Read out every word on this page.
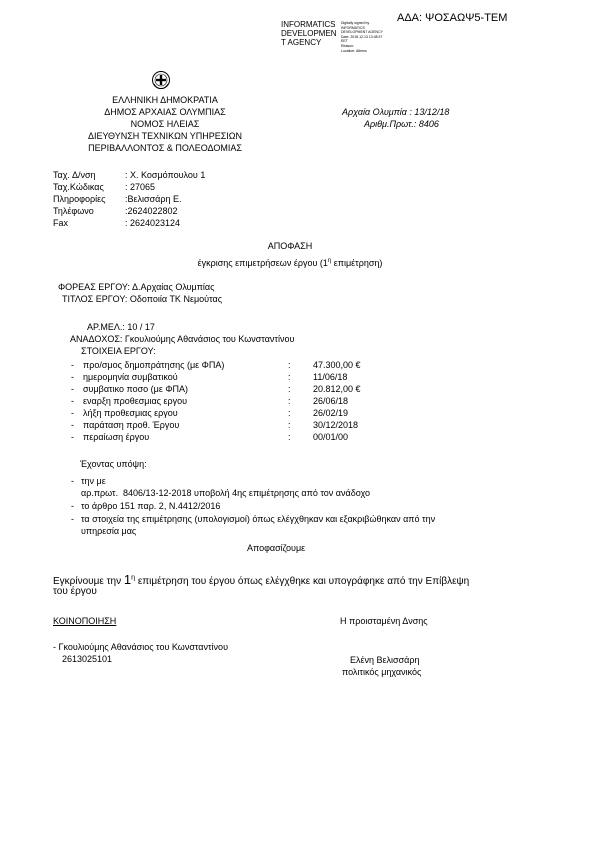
ΑΔΑ: ΨΟΣΑΩΨ5-ΤΕΜ
INFORMATICS
DEVELOPMEN
T AGENCY
Digitally signed by
INFORMATICS
DEVELOPMENT AGENCY
Date: 2018.12.13 13:48:37
EET
Reason:
Location: Athens
ΕΛΛΗΝΙΚΗ ΔΗΜΟΚΡΑΤΙΑ
ΔΗΜΟΣ ΑΡΧΑΙΑΣ ΟΛΥΜΠΙΑΣ
ΝΟΜΟΣ ΗΛΕΙΑΣ
ΔΙΕΥΘΥΝΣΗ ΤΕΧΝΙΚΩΝ ΥΠΗΡΕΣΙΩΝ
ΠΕΡΙΒΑΛΛΟΝΤΟΣ & ΠΟΛΕΟΔΟΜΙΑΣ
Αρχαία Ολυμπία : 13/12/18
Αριθμ.Πρωτ.: 8406
Ταχ. Δ/νση	: Χ. Κοσμόπουλου 1
Ταχ.Κώδικας : 27065
Πληροφορίες :Βελισσάρη Ε.
Τηλέφωνο	:2624022802
Fax	: 2624023124
ΑΠΟΦΑΣΗ
έγκρισης επιμετρήσεων έργου ($1^\eta$ επιμέτρηση)
ΦΟΡΕΑΣ ΕΡΓΟΥ: Δ.Αρχαίας Ολυμπίας
ΤΙΤΛΟΣ ΕΡΓΟΥ: Οδοποιία ΤΚ Νεμούτας
ΑΡ.ΜΕΛ.: 10 / 17
ΑΝΑΔΟΧΟΣ: Γκουλιούμης Αθανάσιος του Κωνσταντίνου
ΣΤΟΙΧΕΙΑ ΕΡΓΟΥ:
- προ/σμος δημοπράτησης (με ΦΠΑ)	: 47.300,00 €
- ημερομηνία συμβατικού	: 11/06/18
- συμβατικο ποσο (με ΦΠΑ)	: 20.812,00 €
- εναρξη προθεσμιας εργου	: 26/06/18
- λήξη προθεσμιας εργου	: 26/02/19
- παράταση προθ. Έργου	: 30/12/2018
- περαίωση έργου	: 00/01/00
Έχοντας υπόψη:
- την με
αρ.πρωτ. 8406/13-12-2018 υποβολή 4ης επιμέτρησης από τον ανάδοχο
- το άρθρο 151 παρ. 2, Ν.4412/2016
- τα στοιχεία της επιμέτρησης (υπολογισμοί) όπως ελέγχθηκαν και εξακριβώθηκαν από την
υπηρεσία μας
Αποφασίζουμε
Εγκρίνουμε την $1^\eta$ επιμέτρηση του έργου όπως ελέγχθηκε και υπογράφηκε από την Επίβλεψη
του έργου
ΚΟΙΝΟΠΟΙΗΣΗ	Η προισταμένη Δνσης
- Γκουλιούμης Αθανάσιος του Κωνσταντίνου
2613025101	Ελένη Βελισσάρη
πολιτικός μηχανικός
